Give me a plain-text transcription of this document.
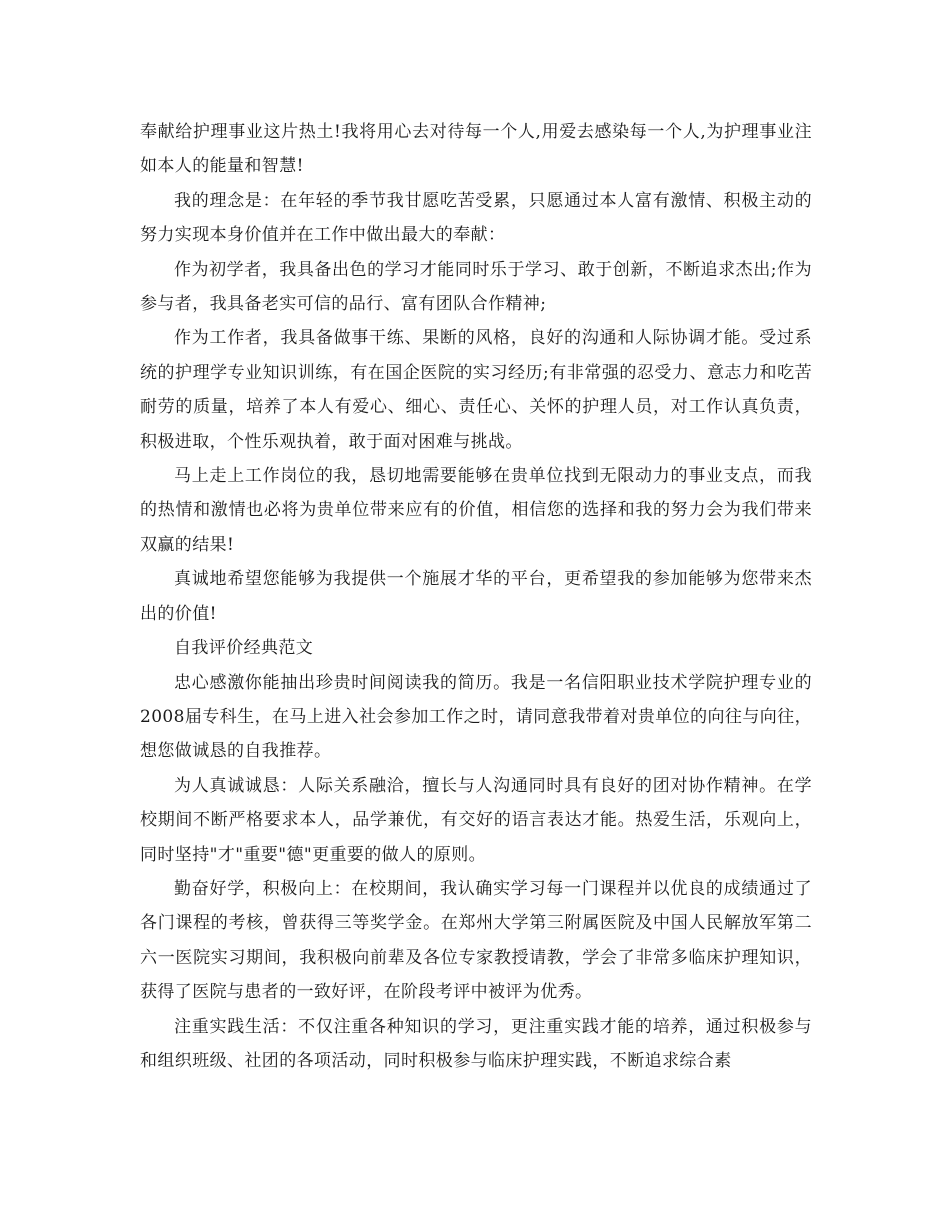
奉献给护理事业这片热土!我将用心去对待每一个人,用爱去感染每一个人,为护理事业注如本人的能量和智慧!

我的理念是：在年轻的季节我甘愿吃苦受累，只愿通过本人富有激情、积极主动的努力实现本身价值并在工作中做出最大的奉献：

作为初学者，我具备出色的学习才能同时乐于学习、敢于创新，不断追求杰出;作为参与者，我具备老实可信的品行、富有团队合作精神;

作为工作者，我具备做事干练、果断的风格，良好的沟通和人际协调才能。受过系统的护理学专业知识训练，有在国企医院的实习经历;有非常强的忍受力、意志力和吃苦耐劳的质量，培养了本人有爱心、细心、责任心、关怀的护理人员，对工作认真负责，积极进取，个性乐观执着，敢于面对困难与挑战。

马上走上工作岗位的我，恳切地需要能够在贵单位找到无限动力的事业支点，而我的热情和激情也必将为贵单位带来应有的价值，相信您的选择和我的努力会为我们带来双赢的结果!

真诚地希望您能够为我提供一个施展才华的平台，更希望我的参加能够为您带来杰出的价值!

自我评价经典范文

忠心感激你能抽出珍贵时间阅读我的简历。我是一名信阳职业技术学院护理专业的2008届专科生，在马上进入社会参加工作之时，请同意我带着对贵单位的向往与向往，想您做诚恳的自我推荐。

为人真诚诚恳：人际关系融洽，擅长与人沟通同时具有良好的团对协作精神。在学校期间不断严格要求本人，品学兼优，有交好的语言表达才能。热爱生活，乐观向上，同时坚持"才"重要"德"更重要的做人的原则。

勤奋好学，积极向上：在校期间，我认确实学习每一门课程并以优良的成绩通过了各门课程的考核，曾获得三等奖学金。在郑州大学第三附属医院及中国人民解放军第二六一医院实习期间，我积极向前辈及各位专家教授请教，学会了非常多临床护理知识，获得了医院与患者的一致好评，在阶段考评中被评为优秀。

注重实践生活：不仅注重各种知识的学习，更注重实践才能的培养，通过积极参与和组织班级、社团的各项活动，同时积极参与临床护理实践，不断追求综合素
